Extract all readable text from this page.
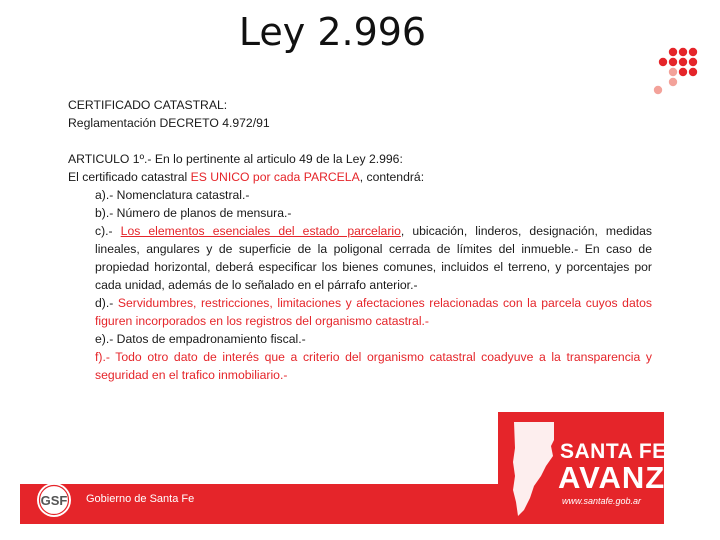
Ley 2.996

CERTIFICADO CATASTRAL:

Reglamentación DECRETO 4.972/91

ARTICULO 1º.- En lo pertinente al articulo 49 de la Ley 2.996:

El certificado catastral ES UNICO por cada PARCELA, contendrá:

a).- Nomenclatura catastral.-

b).- Número de planos de mensura.-

c).- Los elementos esenciales del estado parcelario, ubicación, linderos, designación, medidas lineales, angulares y de superficie de la poligonal cerrada de límites del inmueble.- En caso de propiedad horizontal, deberá especificar los bienes comunes, incluidos el terreno, y porcentajes por cada unidad, además de lo señalado en el párrafo anterior.-

d).- Servidumbres, restricciones, limitaciones y afectaciones relacionadas con la parcela cuyos datos figuren incorporados en los registros del organismo catastral.-

e).- Datos de empadronamiento fiscal.-

f).- Todo otro dato de interés que a criterio del organismo catastral coadyuve a la transparencia y seguridad en el trafico inmobiliario.-

GSF Gobierno de Santa Fe
SANTA FE
AVANZA
www.santafe.gob.ar
